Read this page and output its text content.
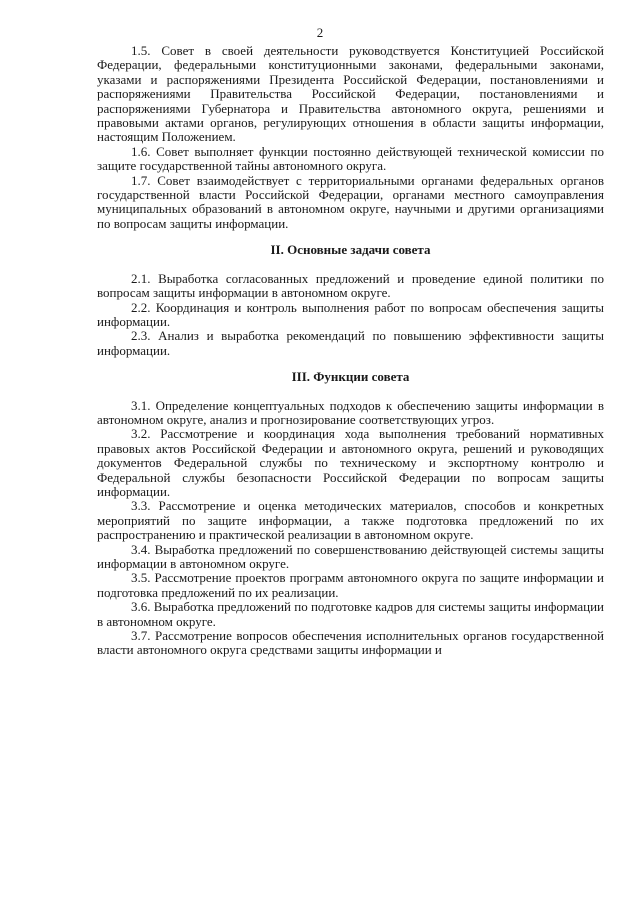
2

1.5. Совет в своей деятельности руководствуется Конституцией Российской Федерации, федеральными конституционными законами, федеральными законами, указами и распоряжениями Президента Российской Федерации, постановлениями и распоряжениями Правительства Российской Федерации, постановлениями и распоряжениями Губернатора и Правительства автономного округа, решениями и правовыми актами органов, регулирующих отношения в области защиты информации, настоящим Положением.

1.6. Совет выполняет функции постоянно действующей технической комиссии по защите государственной тайны автономного округа.

1.7. Совет взаимодействует с территориальными органами федеральных органов государственной власти Российской Федерации, органами местного самоуправления муниципальных образований в автономном округе, научными и другими организациями по вопросам защиты информации.

II. Основные задачи совета

2.1. Выработка согласованных предложений и проведение единой политики по вопросам защиты информации в автономном округе.

2.2. Координация и контроль выполнения работ по вопросам обеспечения защиты информации.

2.3. Анализ и выработка рекомендаций по повышению эффективности защиты информации.

III. Функции совета

3.1. Определение концептуальных подходов к обеспечению защиты информации в автономном округе, анализ и прогнозирование соответствующих угроз.

3.2. Рассмотрение и координация хода выполнения требований нормативных правовых актов Российской Федерации и автономного округа, решений и руководящих документов Федеральной службы по техническому и экспортному контролю и Федеральной службы безопасности Российской Федерации по вопросам защиты информации.

3.3. Рассмотрение и оценка методических материалов, способов и конкретных мероприятий по защите информации, а также подготовка предложений по их распространению и практической реализации в автономном округе.

3.4. Выработка предложений по совершенствованию действующей системы защиты информации в автономном округе.

3.5. Рассмотрение проектов программ автономного округа по защите информации и подготовка предложений по их реализации.

3.6. Выработка предложений по подготовке кадров для системы защиты информации в автономном округе.

3.7. Рассмотрение вопросов обеспечения исполнительных органов государственной власти автономного округа средствами защиты информации и
